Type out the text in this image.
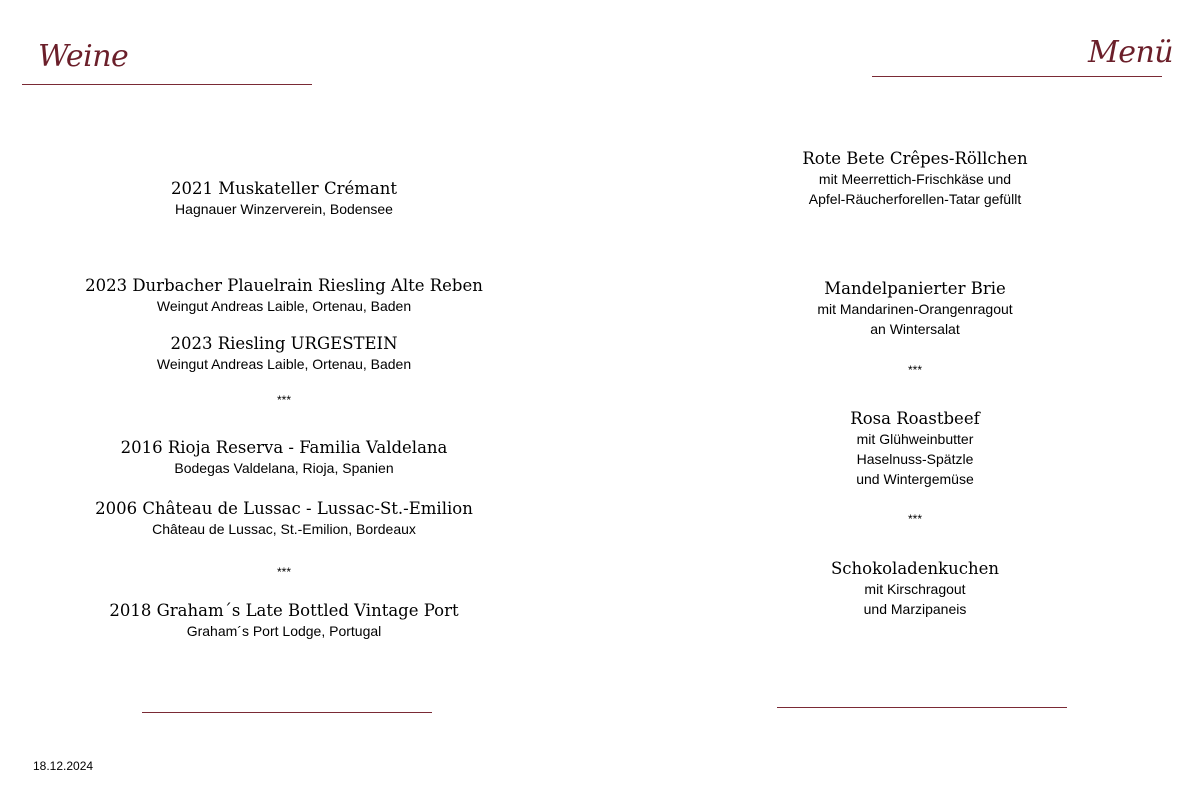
Weine
2021 Muskateller Crémant
Hagnauer Winzerverein, Bodensee
2023 Durbacher Plauelrain Riesling Alte Reben
Weingut Andreas Laible, Ortenau, Baden
2023 Riesling URGESTEIN
Weingut Andreas Laible, Ortenau, Baden
***
2016 Rioja Reserva - Familia Valdelana
Bodegas Valdelana, Rioja, Spanien
2006 Château de Lussac - Lussac-St.-Emilion
Château de Lussac, St.-Emilion, Bordeaux
***
2018 Graham´s Late Bottled Vintage Port
Graham´s Port Lodge, Portugal
18.12.2024
Menü
Rote Bete Crêpes-Röllchen
mit Meerrettich-Frischkäse und
Apfel-Räucherforellen-Tatar gefüllt
Mandelpanierter Brie
mit Mandarinen-Orangenragout
an Wintersalat
***
Rosa Roastbeef
mit Glühweinbutter
Haselnuss-Spätzle
und Wintergemüse
***
Schokoladenkuchen
mit Kirschragout
und Marzipaneis
